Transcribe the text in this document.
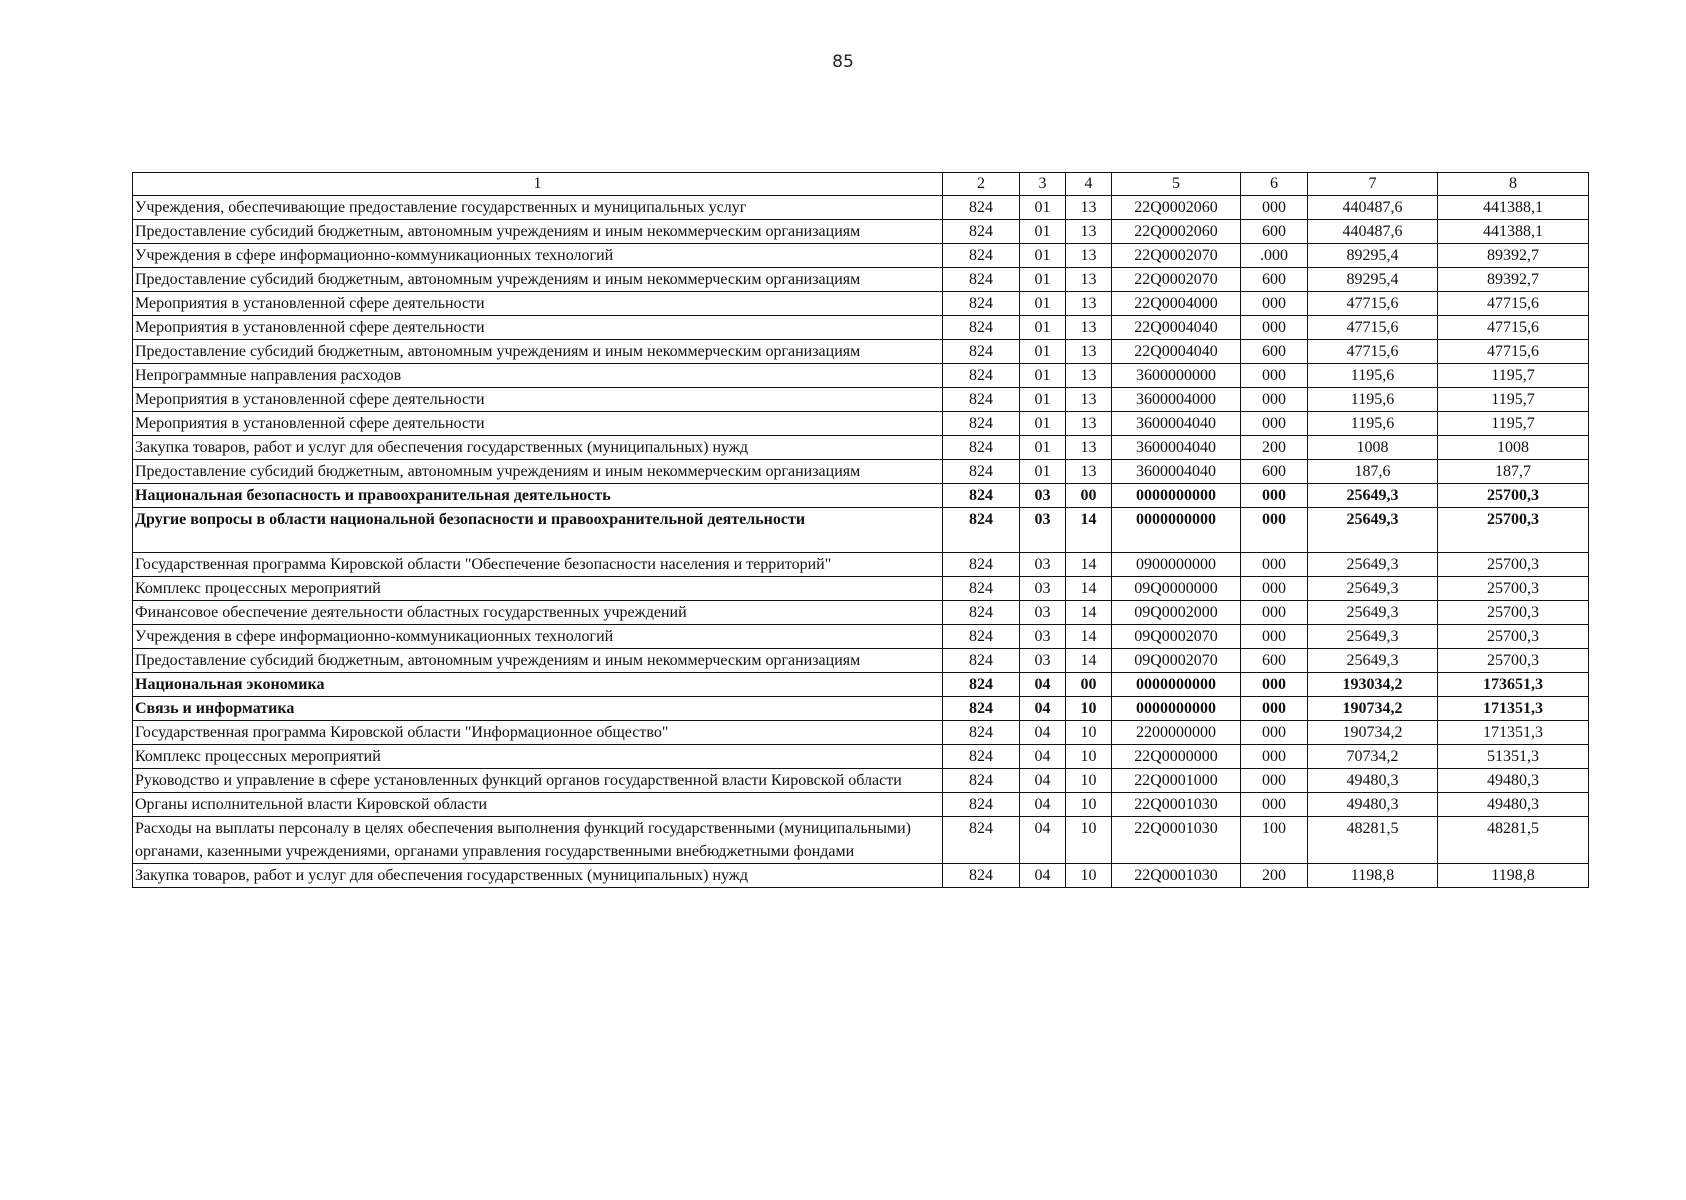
85
1	2	3	4	5	6	7	8
Учреждения, обеспечивающие предоставление государственных и муниципальных услуг	824	01	13	22Q0002060	000	440487,6	441388,1
Предоставление субсидий бюджетным, автономным учреждениям и иным некоммерческим организациям	824	01	13	22Q0002060	600	440487,6	441388,1
Учреждения в сфере информационно-коммуникационных технологий	824	01	13	22Q0002070	.000	89295,4	89392,7
Предоставление субсидий бюджетным, автономным учреждениям и иным некоммерческим организациям	824	01	13	22Q0002070	600	89295,4	89392,7
Мероприятия в установленной сфере деятельности	824	01	13	22Q0004000	000	47715,6	47715,6
Мероприятия в установленной сфере деятельности	824	01	13	22Q0004040	000	47715,6	47715,6
Предоставление субсидий бюджетным, автономным учреждениям и иным некоммерческим организациям	824	01	13	22Q0004040	600	47715,6	47715,6
Непрограммные направления расходов	824	01	13	3600000000	000	1195,6	1195,7
Мероприятия в установленной сфере деятельности	824	01	13	3600004000	000	1195,6	1195,7
Мероприятия в установленной сфере деятельности	824	01	13	3600004040	000	1195,6	1195,7
Закупка товаров, работ и услуг для обеспечения государственных (муниципальных) нужд	824	01	13	3600004040	200	1008	1008
Предоставление субсидий бюджетным, автономным учреждениям и иным некоммерческим организациям	824	01	13	3600004040	600	187,6	187,7
Национальная безопасность и правоохранительная деятельность	824	03	00	0000000000	000	25649,3	25700,3
Другие вопросы в области национальной безопасности и правоохранительной деятельности	824	03	14	0000000000	000	25649,3	25700,3
Государственная программа Кировской области "Обеспечение безопасности населения и территорий"	824	03	14	0900000000	000	25649,3	25700,3
Комплекс процессных мероприятий	824	03	14	09Q0000000	000	25649,3	25700,3
Финансовое обеспечение деятельности областных государственных учреждений	824	03	14	09Q0002000	000	25649,3	25700,3
Учреждения в сфере информационно-коммуникационных технологий	824	03	14	09Q0002070	000	25649,3	25700,3
Предоставление субсидий бюджетным, автономным учреждениям и иным некоммерческим организациям	824	03	14	09Q0002070	600	25649,3	25700,3
Национальная экономика	824	04	00	0000000000	000	193034,2	173651,3
Связь и информатика	824	04	10	0000000000	000	190734,2	171351,3
Государственная программа Кировской области "Информационное общество"	824	04	10	2200000000	000	190734,2	171351,3
Комплекс процессных мероприятий	824	04	10	22Q0000000	000	70734,2	51351,3
Руководство и управление в сфере установленных функций органов государственной власти Кировской области	824	04	10	22Q0001000	000	49480,3	49480,3
Органы исполнительной власти Кировской области	824	04	10	22Q0001030	000	49480,3	49480,3
Расходы на выплаты персоналу в целях обеспечения выполнения функций государственными (муниципальными) органами, казенными учреждениями, органами управления государственными внебюджетными фондами	824	04	10	22Q0001030	100	48281,5	48281,5
Закупка товаров, работ и услуг для обеспечения государственных (муниципальных) нужд	824	04	10	22Q0001030	200	1198,8	1198,8
